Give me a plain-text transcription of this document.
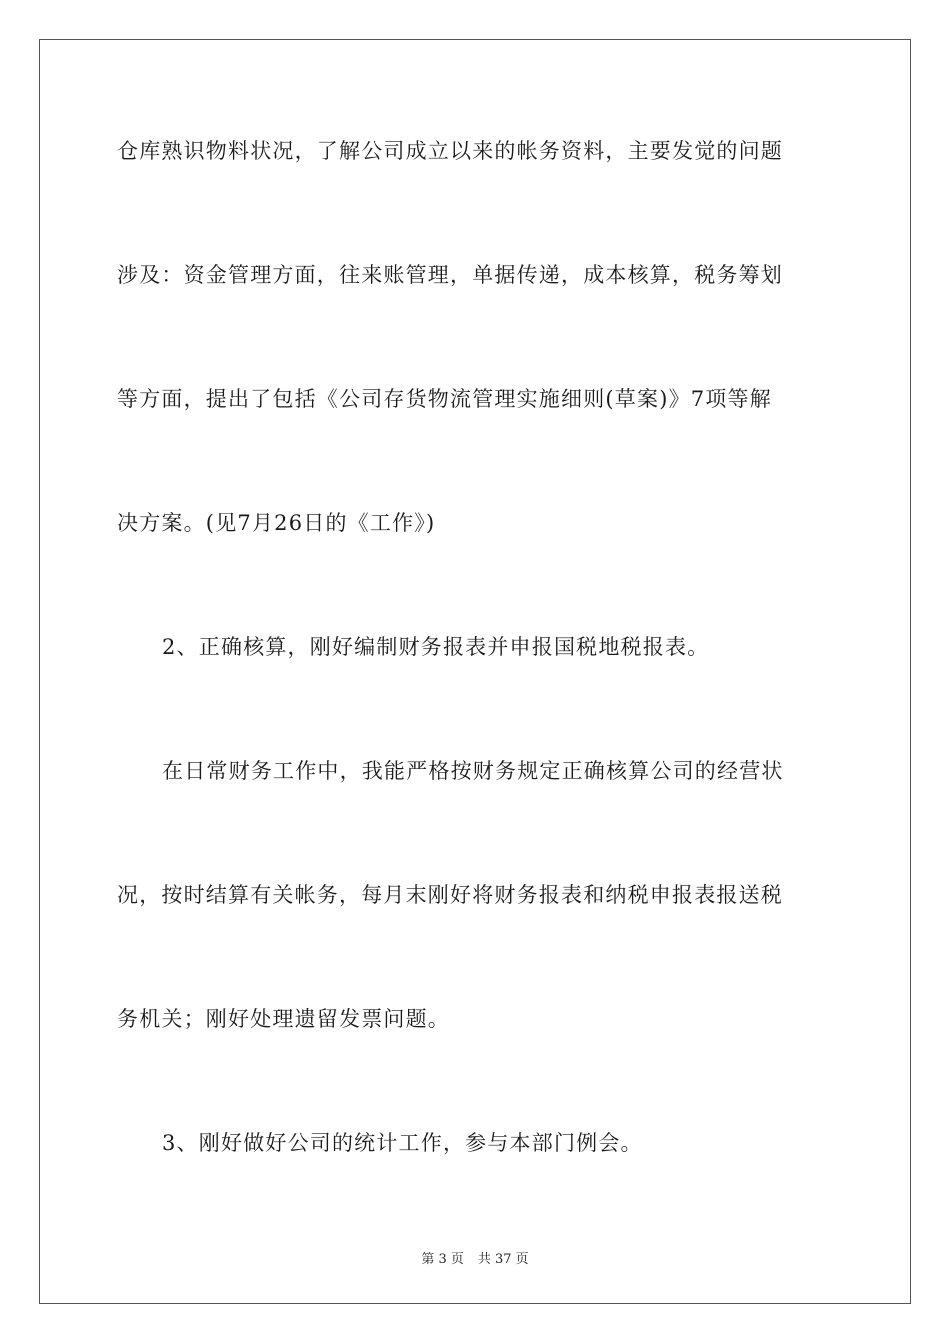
仓库熟识物料状况，了解公司成立以来的帐务资料，主要发觉的问题
涉及：资金管理方面，往来账管理，单据传递，成本核算，税务筹划
等方面，提出了包括《公司存货物流管理实施细则(草案)》7项等解
决方案。(见7月26日的《工作》)
2、正确核算，刚好编制财务报表并申报国税地税报表。
在日常财务工作中，我能严格按财务规定正确核算公司的经营状
况，按时结算有关帐务，每月末刚好将财务报表和纳税申报表报送税
务机关；刚好处理遗留发票问题。
3、刚好做好公司的统计工作，参与本部门例会。
第 3 页 共 37 页
